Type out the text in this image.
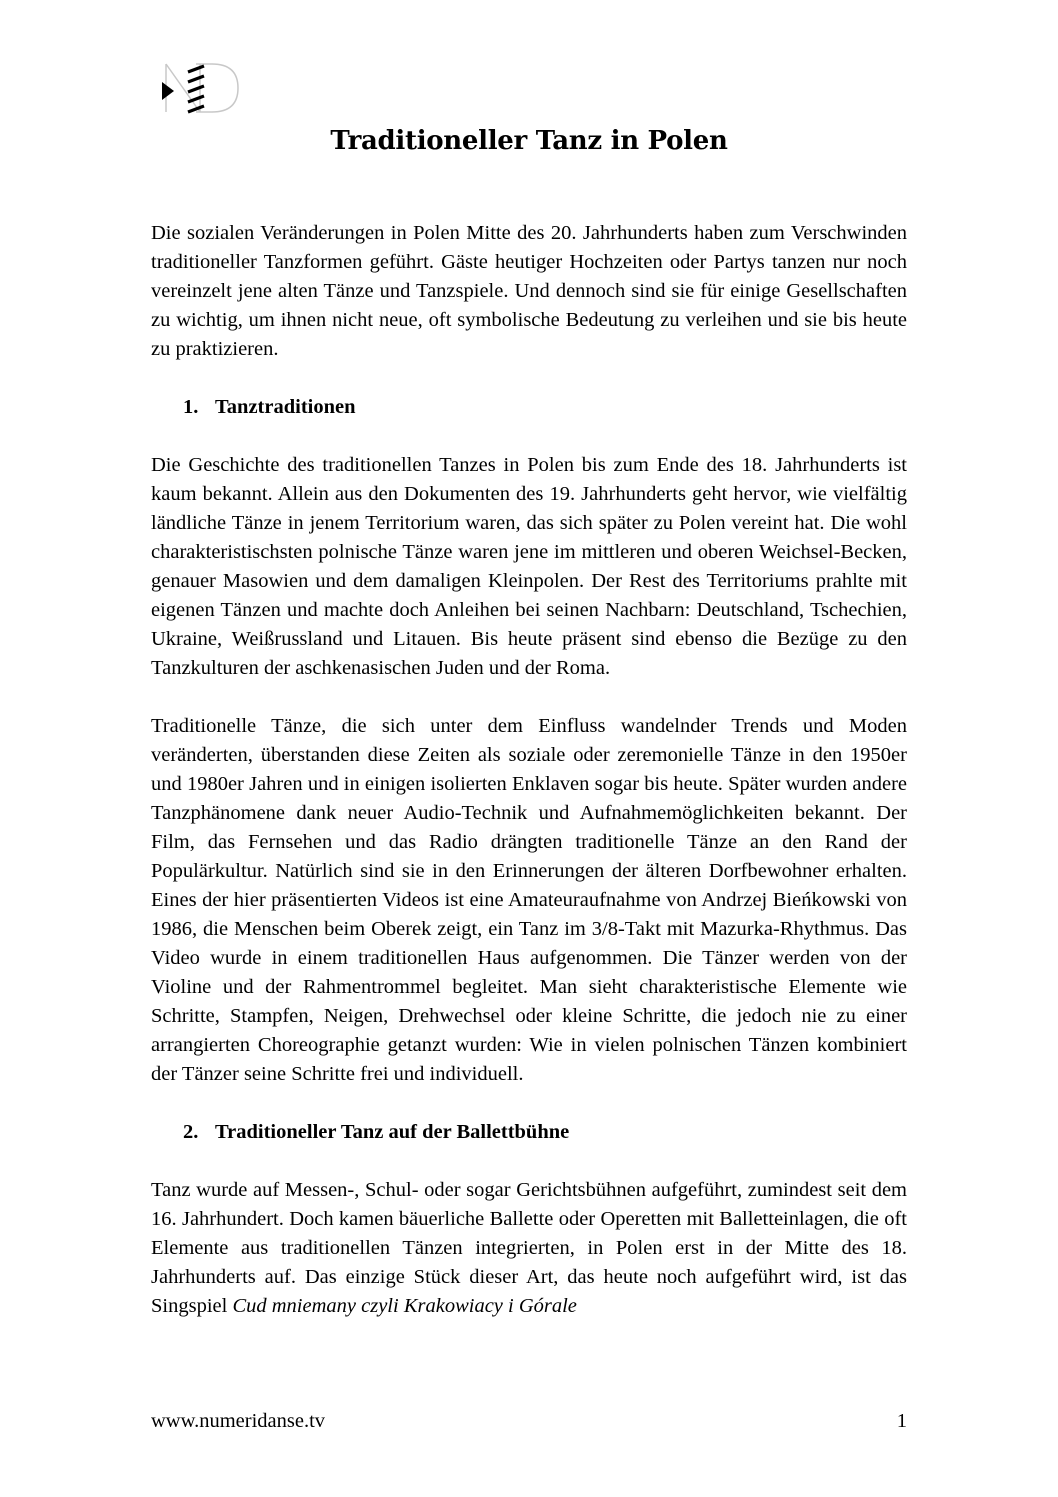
Traditioneller Tanz in Polen

Die sozialen Veränderungen in Polen Mitte des 20. Jahrhunderts haben zum Verschwinden traditioneller Tanzformen geführt. Gäste heutiger Hochzeiten oder Partys tanzen nur noch vereinzelt jene alten Tänze und Tanzspiele. Und dennoch sind sie für einige Gesellschaften zu wichtig, um ihnen nicht neue, oft symbolische Bedeutung zu verleihen und sie bis heute zu praktizieren.

1. Tanztraditionen

Die Geschichte des traditionellen Tanzes in Polen bis zum Ende des 18. Jahrhunderts ist kaum bekannt. Allein aus den Dokumenten des 19. Jahrhunderts geht hervor, wie vielfältig ländliche Tänze in jenem Territorium waren, das sich später zu Polen vereint hat. Die wohl charakteristischsten polnische Tänze waren jene im mittleren und oberen Weichsel-Becken, genauer Masowien und dem damaligen Kleinpolen. Der Rest des Territoriums prahlte mit eigenen Tänzen und machte doch Anleihen bei seinen Nachbarn: Deutschland, Tschechien, Ukraine, Weißrussland und Litauen. Bis heute präsent sind ebenso die Bezüge zu den Tanzkulturen der aschkenasischen Juden und der Roma.

Traditionelle Tänze, die sich unter dem Einfluss wandelnder Trends und Moden veränderten, überstanden diese Zeiten als soziale oder zeremonielle Tänze in den 1950er und 1980er Jahren und in einigen isolierten Enklaven sogar bis heute. Später wurden andere Tanzphänomene dank neuer Audio-Technik und Aufnahmemöglichkeiten bekannt. Der Film, das Fernsehen und das Radio drängten traditionelle Tänze an den Rand der Populärkultur. Natürlich sind sie in den Erinnerungen der älteren Dorfbewohner erhalten. Eines der hier präsentierten Videos ist eine Amateuraufnahme von Andrzej Bieńkowski von 1986, die Menschen beim Oberek zeigt, ein Tanz im 3/8-Takt mit Mazurka-Rhythmus. Das Video wurde in einem traditionellen Haus aufgenommen. Die Tänzer werden von der Violine und der Rahmentrommel begleitet. Man sieht charakteristische Elemente wie Schritte, Stampfen, Neigen, Drehwechsel oder kleine Schritte, die jedoch nie zu einer arrangierten Choreographie getanzt wurden: Wie in vielen polnischen Tänzen kombiniert der Tänzer seine Schritte frei und individuell.

2. Traditioneller Tanz auf der Ballettbühne

Tanz wurde auf Messen-, Schul- oder sogar Gerichtsbühnen aufgeführt, zumindest seit dem 16. Jahrhundert. Doch kamen bäuerliche Ballette oder Operetten mit Balletteinlagen, die oft Elemente aus traditionellen Tänzen integrierten, in Polen erst in der Mitte des 18. Jahrhunderts auf. Das einzige Stück dieser Art, das heute noch aufgeführt wird, ist das Singspiel Cud mniemany czyli Krakowiacy i Górale

www.numeridanse.tv	1
